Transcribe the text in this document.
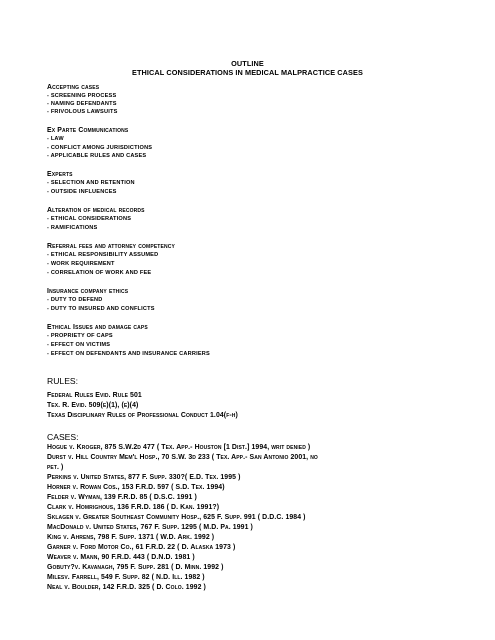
OUTLINE
ETHICAL CONSIDERATIONS IN MEDICAL MALPRACTICE CASES
Accepting cases
- SCREENING PROCESS
- NAMING DEFENDANTS
- FRIVOLOUS LAWSUITS
Ex Parte Communications
- LAW
- CONFLICT AMONG JURISDICTIONS
- APPLICABLE RULES AND CASES
Experts
- SELECTION AND RETENTION
- OUTSIDE INFLUENCES
Alteration of medical records
- ETHICAL CONSIDERATIONS
- RAMIFICATIONS
Referral fees and attorney competency
- ETHICAL RESPONSIBILITY ASSUMED
- WORK REQUIREMENT
- CORRELATION OF WORK AND FEE
Insurance company ethics
- DUTY TO DEFEND
- DUTY TO INSURED AND CONFLICTS
Ethical Issues and damage caps
- PROPRIETY OF CAPS
- EFFECT ON VICTIMS
- EFFECT ON DEFENDANTS AND INSURANCE CARRIERS
RULES:
Federal Rules Evid. Rule 501
Tex. R. Evid. 509(e)(1), (e)(4)
Texas Disciplinary Rules of Professional Conduct 1.04(f-h)
CASES:
Hogue v. Kroger, 875 S.W.2d 477 ( Tex. App.- Houston [1 Dist.] 1994, writ denied )
Durst v. Hill Country Mem'l Hosp., 70 S.W. 3d 233 ( Tex. App.- San Antonio 2001, no
pet. )
Perkins v. United States, 877 F. Supp. 330?( E.D. Tex. 1995 )
Horner v. Rowan Cos., 153 F.R.D. 597 ( S.D. Tex. 1994)
Felder v. Wyman, 139 F.R.D. 85 ( D.S.C. 1991 )
Clark v. Homrighous, 136 F.R.D. 186 ( D. Kan. 1991?)
Sklagen v. Greater Southeast Community Hosp., 625 F. Supp. 991 ( D.D.C. 1984 )
MacDonald v. United States, 767 F. Supp. 1295 ( M.D. Pa. 1991 )
King v. Ahrens, 798 F. Supp. 1371 ( W.D. Ark. 1992 )
Garner v. Ford Motor Co., 61 F.R.D. 22 ( D. Alaska 1973 )
Weaver v. Mann, 90 F.R.D. 443 ( D.N.D. 1981 )
Gobuty?v. Kavanagh, 795 F. Supp. 281 ( D. Minn. 1992 )
Milesv. Farrell, 549 F. Supp. 82 ( N.D. Ill. 1982 )
Neal v. Boulder, 142 F.R.D. 325 ( D. Colo. 1992 )
